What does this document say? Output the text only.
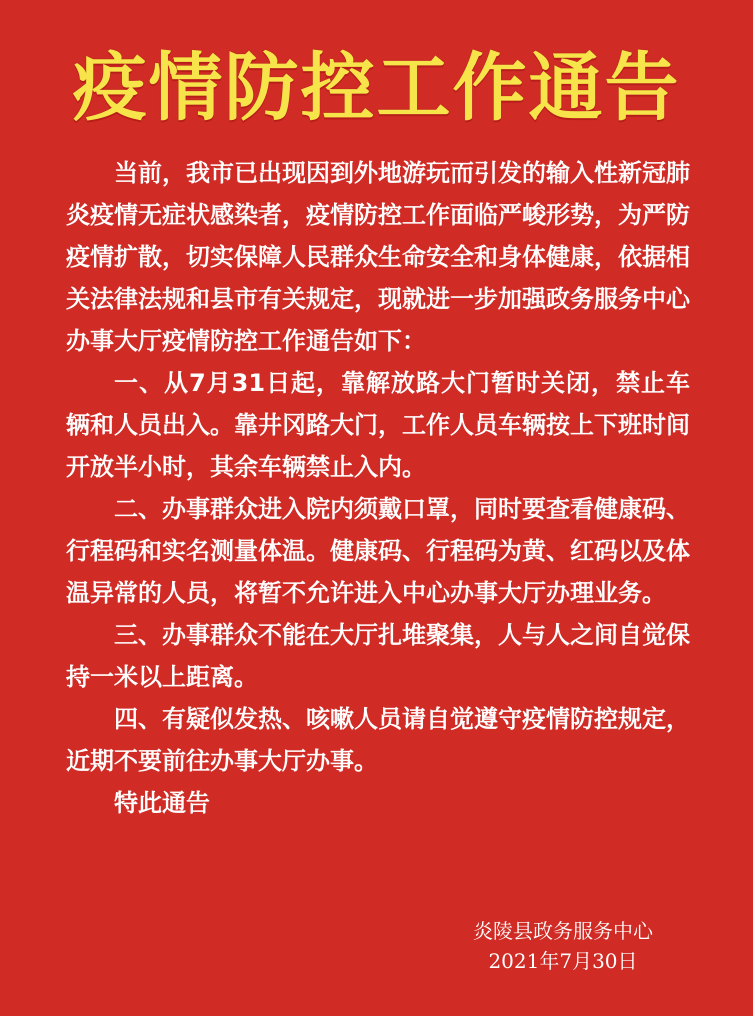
疫情防控工作通告

当前，我市已出现因到外地游玩而引发的输入性新冠肺炎疫情无症状感染者，疫情防控工作面临严峻形势，为严防疫情扩散，切实保障人民群众生命安全和身体健康，依据相关法律法规和县市有关规定，现就进一步加强政务服务中心办事大厅疫情防控工作通告如下：

一、从7月31日起，靠解放路大门暂时关闭，禁止车辆和人员出入。靠井冈路大门，工作人员车辆按上下班时间开放半小时，其余车辆禁止入内。

二、办事群众进入院内须戴口罩，同时要查看健康码、行程码和实名测量体温。健康码、行程码为黄、红码以及体温异常的人员，将暂不允许进入中心办事大厅办理业务。

三、办事群众不能在大厅扎堆聚集，人与人之间自觉保持一米以上距离。

四、有疑似发热、咳嗽人员请自觉遵守疫情防控规定，近期不要前往办事大厅办事。

特此通告

炎陵县政务服务中心
2021年7月30日
